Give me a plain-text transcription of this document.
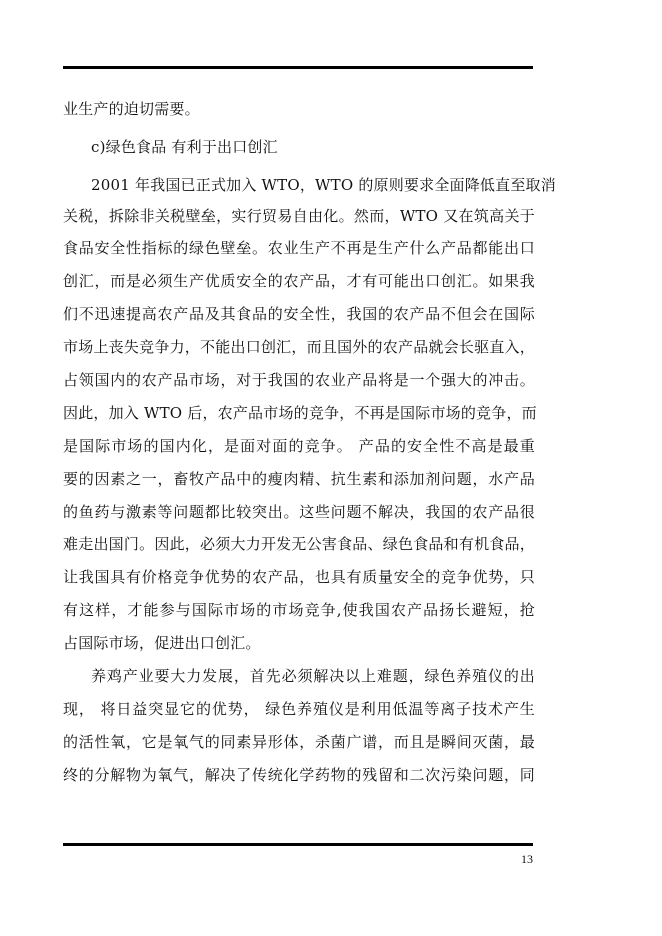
业生产的迫切需要。
c)绿色食品 有利于出口创汇
2001 年我国已正式加入 WTO，WTO 的原则要求全面降低直至取消
关税，拆除非关税壁垒，实行贸易自由化。然而，WTO 又在筑高关于
食品安全性指标的绿色壁垒。农业生产不再是生产什么产品都能出口
创汇，而是必须生产优质安全的农产品，才有可能出口创汇。如果我
们不迅速提高农产品及其食品的安全性，我国的农产品不但会在国际
市场上丧失竞争力，不能出口创汇，而且国外的农产品就会长驱直入，
占领国内的农产品市场，对于我国的农业产品将是一个强大的冲击。
因此，加入 WTO 后，农产品市场的竞争，不再是国际市场的竞争，而
是国际市场的国内化，是面对面的竞争。 产品的安全性不高是最重
要的因素之一，畜牧产品中的瘦肉精、抗生素和添加剂问题，水产品
的鱼药与激素等问题都比较突出。这些问题不解决，我国的农产品很
难走出国门。因此，必须大力开发无公害食品、绿色食品和有机食品，
让我国具有价格竞争优势的农产品，也具有质量安全的竞争优势，只
有这样，才能参与国际市场的市场竞争,使我国农产品扬长避短，抢
占国际市场，促进出口创汇。
养鸡产业要大力发展，首先必须解决以上难题，绿色养殖仪的出
现， 将日益突显它的优势， 绿色养殖仪是利用低温等离子技术产生
的活性氧，它是氧气的同素异形体，杀菌广谱，而且是瞬间灭菌，最
终的分解物为氧气，解决了传统化学药物的残留和二次污染问题，同
13
